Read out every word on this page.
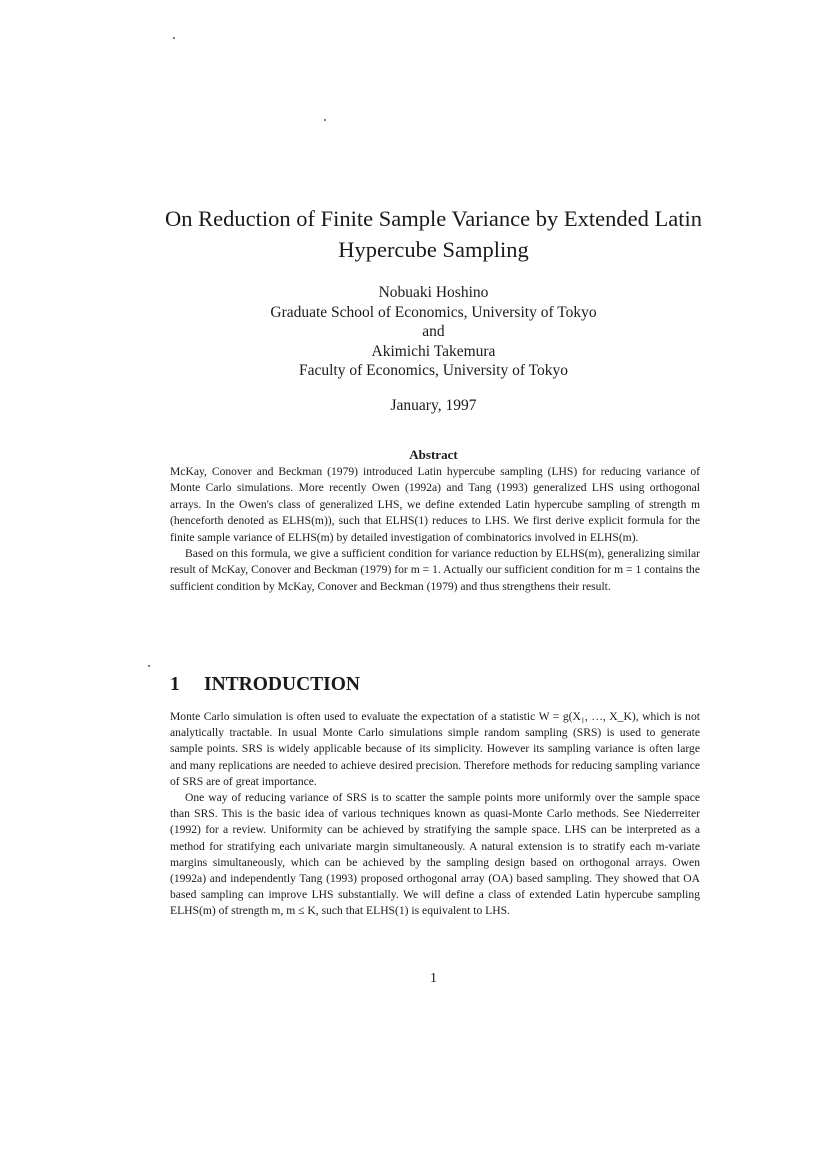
On Reduction of Finite Sample Variance by Extended Latin
Hypercube Sampling
Nobuaki Hoshino
Graduate School of Economics, University of Tokyo
and
Akimichi Takemura
Faculty of Economics, University of Tokyo
January, 1997
Abstract

McKay, Conover and Beckman (1979) introduced Latin hypercube sampling (LHS) for reducing variance of Monte Carlo simulations. More recently Owen (1992a) and Tang (1993) generalized LHS using orthogonal arrays. In the Owen's class of generalized LHS, we define extended Latin hypercube sampling of strength m (henceforth denoted as ELHS(m)), such that ELHS(1) reduces to LHS. We first derive explicit formula for the finite sample variance of ELHS(m) by detailed investigation of combinatorics involved in ELHS(m).

Based on this formula, we give a sufficient condition for variance reduction by ELHS(m), generalizing similar result of McKay, Conover and Beckman (1979) for m = 1. Actually our sufficient condition for m = 1 contains the sufficient condition by McKay, Conover and Beckman (1979) and thus strengthens their result.

1 INTRODUCTION

Monte Carlo simulation is often used to evaluate the expectation of a statistic W = g(X₁, …, X_K), which is not analytically tractable. In usual Monte Carlo simulations simple random sampling (SRS) is used to generate sample points. SRS is widely applicable because of its simplicity. However its sampling variance is often large and many replications are needed to achieve desired precision. Therefore methods for reducing sampling variance of SRS are of great importance.

One way of reducing variance of SRS is to scatter the sample points more uniformly over the sample space than SRS. This is the basic idea of various techniques known as quasi-Monte Carlo methods. See Niederreiter (1992) for a review. Uniformity can be achieved by stratifying the sample space. LHS can be interpreted as a method for stratifying each univariate margin simultaneously. A natural extension is to stratify each m-variate margins simultaneously, which can be achieved by the sampling design based on orthogonal arrays. Owen (1992a) and independently Tang (1993) proposed orthogonal array (OA) based sampling. They showed that OA based sampling can improve LHS substantially. We will define a class of extended Latin hypercube sampling ELHS(m) of strength m, m ≤ K, such that ELHS(1) is equivalent to LHS.

1
